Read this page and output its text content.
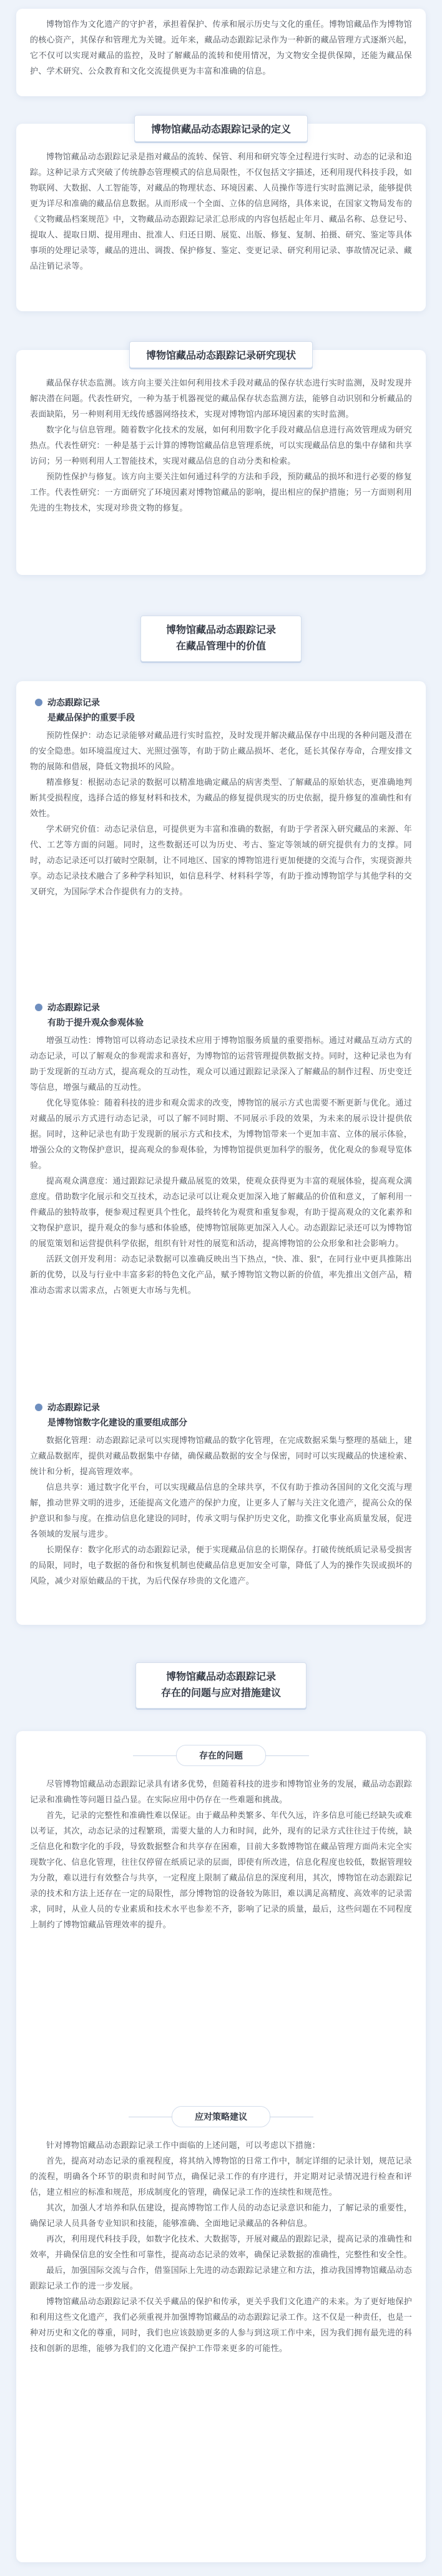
博物馆作为文化遗产的守护者，承担着保护、传承和展示历史与文化的重任。博物馆藏品作为博物馆的核心资产，其保存和管理尤为关键。近年来，藏品动态跟踪记录作为一种新的藏品管理方式逐渐兴起，它不仅可以实现对藏品的监控，及时了解藏品的流转和使用情况，为文物安全提供保障，还能为藏品保护、学术研究、公众教育和文化交流提供更为丰富和准确的信息。

博物馆藏品动态跟踪记录的定义

博物馆藏品动态跟踪记录是指对藏品的流转、保管、利用和研究等全过程进行实时、动态的记录和追踪。这种记录方式突破了传统静态管理模式的信息局限性，不仅包括文字描述，还利用现代科技手段，如物联网、大数据、人工智能等，对藏品的物理状态、环境因素、人员操作等进行实时监测记录，能够提供更为详尽和准确的藏品信息数据。从而形成一个全面、立体的信息网络，具体来说，在国家文物局发布的《文物藏品档案规范》中，文物藏品动态跟踪记录汇总形成的内容包括起止年月、藏品名称、总登记号、提取人、提取日期、提用理由、批准人、归还日期、展览、出版、修复、复制、拍摄、研究、鉴定等具体事项的处理记录等，藏品的进出、调拨、保护修复、鉴定、变更记录、研究利用记录、事故情况记录、藏品注销记录等。

博物馆藏品动态跟踪记录研究现状

藏品保存状态监测。该方向主要关注如何利用技术手段对藏品的保存状态进行实时监测，及时发现并解决潜在问题。代表性研究，一种为基于机器视觉的藏品保存状态监测方法，能够自动识别和分析藏品的表面缺陷，另一种则利用无线传感器网络技术，实现对博物馆内部环境因素的实时监测。

数字化与信息管理。随着数字化技术的发展，如何利用数字化手段对藏品信息进行高效管理成为研究热点。代表性研究：一种是基于云计算的博物馆藏品信息管理系统，可以实现藏品信息的集中存储和共享访问；另一种则利用人工智能技术，实现对藏品信息的自动分类和检索。

预防性保护与修复。该方向主要关注如何通过科学的方法和手段，预防藏品的损坏和进行必要的修复工作。代表性研究：一方面研究了环境因素对博物馆藏品的影响，提出相应的保护措施；另一方面则利用先进的生物技术，实现对珍贵文物的修复。

博物馆藏品动态跟踪记录
在藏品管理中的价值
动态跟踪记录
是藏品保护的重要手段

预防性保护：动态记录能够对藏品进行实时监控，及时发现并解决藏品保存中出现的各种问题及潜在的安全隐患。如环境温度过大、光照过强等，有助于防止藏品损坏、老化，延长其保存寿命，合理安排文物的展陈和借展，降低文物损坏的风险。

精准修复：根据动态记录的数据可以精准地确定藏品的病害类型、了解藏品的原始状态，更准确地判断其受损程度，选择合适的修复材料和技术，为藏品的修复提供现实的历史依据，提升修复的准确性和有效性。

学术研究价值：动态记录信息，可提供更为丰富和准确的数据，有助于学者深入研究藏品的来源、年代、工艺等方面的问题。同时，这些数据还可以为历史、考古、鉴定等领域的研究提供有力的支撑。同时，动态记录还可以打破时空限制，让不同地区、国家的博物馆进行更加便捷的交流与合作，实现资源共享。动态记录技术融合了多种学科知识，如信息科学、材料科学等，有助于推动博物馆学与其他学科的交叉研究，为国际学术合作提供有力的支持。

动态跟踪记录
有助于提升观众参观体验

增强互动性：博物馆可以将动态记录技术应用于博物馆服务质量的重要指标。通过对藏品互动方式的动态记录，可以了解观众的参观需求和喜好，为博物馆的运营管理提供数据支持。同时，这种记录也为有助于发现新的互动方式，提高观众的互动性，观众可以通过跟踪记录深入了解藏品的制作过程、历史变迁等信息，增强与藏品的互动性。

优化导览体验：随着科技的进步和观众需求的改变，博物馆的展示方式也需要不断更新与优化。通过对藏品的展示方式进行动态记录，可以了解不同时期、不同展示手段的效果，为未来的展示设计提供依据。同时，这种记录也有助于发现新的展示方式和技术，为博物馆带来一个更加丰富、立体的展示体验，增强公众的文物保护意识，提高观众的参观体验，为博物馆提供更加科学的服务，优化观众的参观导览体验。

提高观众满意度：通过跟踪记录提升藏品展览的效果，使观众获得更为丰富的观展体验，提高观众满意度。借助数字化展示和交互技术，动态记录可以让观众更加深入地了解藏品的价值和意义，了解利用一件藏品的独特故事，便参观过程更具个性化，最终转化为观赏和重复参观，有助于提高观众的文化素养和文物保护意识，提升观众的参与感和体验感，使博物馆展陈更加深入人心。动态跟踪记录还可以为博物馆的展览策划和运营提供科学依据，组织有针对性的展览和活动，提高博物馆的公众形象和社会影响力。

活跃文创开发利用：动态记录数据可以准确反映出当下热点，“快、准、狠”，在同行业中更具推陈出新的优势，以及与行业中丰富多彩的特色文化产品，赋予博物馆文物以新的价值，率先推出文创产品，精准动态需求以需求点，占领更大市场与先机。

动态跟踪记录
是博物馆数字化建设的重要组成部分

数据化管理：动态跟踪记录可以实现博物馆藏品的数字化管理，在完成数据采集与整理的基础上，建立藏品数据库，提供对藏品数据集中存储，确保藏品数据的安全与保密，同时可以实现藏品的快速检索、统计和分析，提高管理效率。

信息共享：通过数字化平台，可以实现藏品信息的全球共享，不仅有助于推动各国间的文化交流与理解，推动世界文明的进步，还能提高文化遗产的保护力度，让更多人了解与关注文化遗产，提高公众的保护意识和参与度。在推动信息化建设的同时，传承文明与保护历史文化，助推文化事业高质量发展，促进各领域的发展与进步。

长期保存：数字化形式的动态跟踪记录，便于实现藏品信息的长期保存。打破传统纸质记录易受损害的局限，同时，电子数据的备份和恢复机制也使藏品信息更加安全可靠，降低了人为的操作失误或损坏的风险，减少对原始藏品的干扰，为后代保存珍贵的文化遗产。

博物馆藏品动态跟踪记录
存在的问题与应对措施建议
存在的问题

尽管博物馆藏品动态跟踪记录具有诸多优势，但随着科技的进步和博物馆业务的发展，藏品动态跟踪记录和准确性等问题日益凸显。在实际应用中仍存在一些难题和挑战。

首先，记录的完整性和准确性难以保证。由于藏品种类繁多、年代久远，许多信息可能已经缺失或难以考证，其次，动态记录的过程繁琐，需要大量的人力和时间，此外，现有的记录方式往往过于传统，缺乏信息化和数字化的手段，导致数据整合和共享存在困难，目前大多数博物馆在藏品管理方面尚未完全实现数字化、信息化管理，往往仅停留在纸质记录的层面，即使有所改进，信息化程度也较低，数据管理较为分散，难以进行有效整合与共享，一定程度上限制了藏品信息的深度利用，其次，博物馆在动态跟踪记录的技术和方法上还存在一定的局限性，部分博物馆的设备较为陈旧，难以满足高精度、高效率的记录需求，同时，从业人员的专业素质和技术水平也参差不齐，影响了记录的质量，最后，这些问题在不同程度上制约了博物馆藏品管理效率的提升。

应对策略建议

针对博物馆藏品动态跟踪记录工作中面临的上述问题，可以考虑以下措施：

首先，提高对动态记录的重视程度，将其纳入博物馆的日常工作中，制定详细的记录计划，规范记录的流程，明确各个环节的职责和时间节点，确保记录工作的有序进行，并定期对记录情况进行检查和评估，建立相应的标准和规范，形成制度化的管理，确保记录工作的连续性和规范性。

其次，加强人才培养和队伍建设，提高博物馆工作人员的动态记录意识和能力，了解记录的重要性，确保记录人员具备专业知识和技能，能够准确、全面地记录藏品的各种信息。

再次，利用现代科技手段，如数字化技术、大数据等，开展对藏品的跟踪记录，提高记录的准确性和效率，并确保信息的安全性和可靠性，提高动态记录的效率，确保记录数据的准确性，完整性和安全性。

最后，加强国际交流与合作，借鉴国际上先进的动态跟踪记录建立和方法，推动我国博物馆藏品动态跟踪记录工作的进一步发展。

博物馆藏品动态跟踪记录不仅关乎藏品的保护和传承，更关乎我们文化遗产的未来。为了更好地保护和利用这些文化遗产，我们必须重视并加强博物馆藏品的动态跟踪记录工作。这不仅是一种责任，也是一种对历史和文化的尊重，同时，我们也应该鼓励更多的人参与到这项工作中来，因为我们拥有最先进的科技和创新的思维，能够为我们的文化遗产保护工作带来更多的可能性。
